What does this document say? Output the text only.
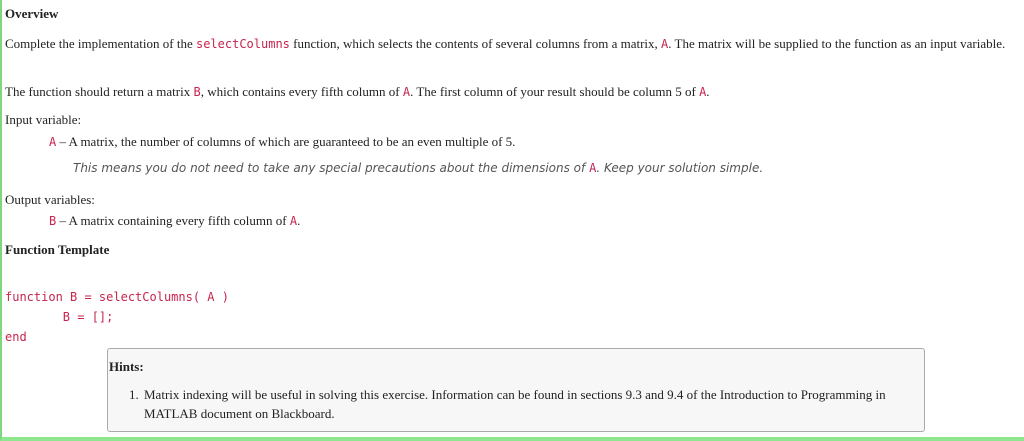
Overview
Complete the implementation of the selectColumns function, which selects the contents of several columns from a matrix, A. The matrix will be supplied to the function as an input variable.
The function should return a matrix B, which contains every fifth column of A. The first column of your result should be column 5 of A.
Input variable:
A – A matrix, the number of columns of which are guaranteed to be an even multiple of 5.
This means you do not need to take any special precautions about the dimensions of A. Keep your solution simple.
Output variables:
B – A matrix containing every fifth column of A.
Function Template
function B = selectColumns( A )
B = [];
end
Hints:
1. Matrix indexing will be useful in solving this exercise. Information can be found in sections 9.3 and 9.4 of the Introduction to Programming in MATLAB document on Blackboard.
